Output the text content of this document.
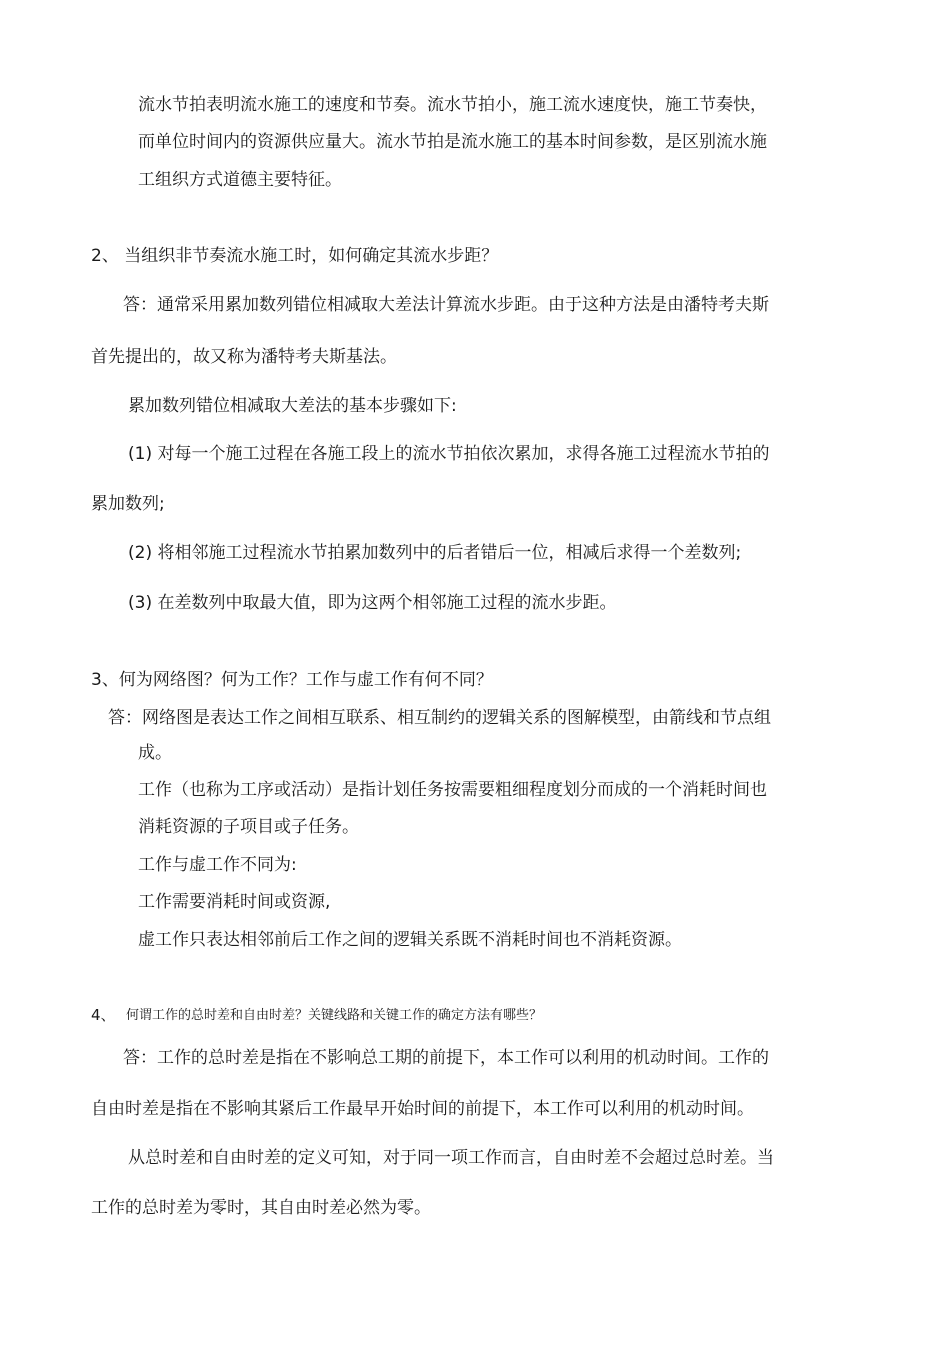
流水节拍表明流水施工的速度和节奏。流水节拍小，施工流水速度快，施工节奏快，
而单位时间内的资源供应量大。流水节拍是流水施工的基本时间参数，是区别流水施
工组织方式道德主要特征。
2、 当组织非节奏流水施工时，如何确定其流水步距？
答：通常采用累加数列错位相减取大差法计算流水步距。由于这种方法是由潘特考夫斯
首先提出的，故又称为潘特考夫斯基法。
累加数列错位相减取大差法的基本步骤如下:
(1) 对每一个施工过程在各施工段上的流水节拍依次累加，求得各施工过程流水节拍的
累加数列;
(2) 将相邻施工过程流水节拍累加数列中的后者错后一位，相减后求得一个差数列;
(3) 在差数列中取最大值，即为这两个相邻施工过程的流水步距。
3、何为网络图？何为工作？工作与虚工作有何不同？
答：网络图是表达工作之间相互联系、相互制约的逻辑关系的图解模型，由箭线和节点组
成。
工作（也称为工序或活动）是指计划任务按需要粗细程度划分而成的一个消耗时间也
消耗资源的子项目或子任务。
工作与虚工作不同为:
工作需要消耗时间或资源,
虚工作只表达相邻前后工作之间的逻辑关系既不消耗时间也不消耗资源。
4、 何谓工作的总时差和自由时差？关键线路和关键工作的确定方法有哪些？
答：工作的总时差是指在不影响总工期的前提下，本工作可以利用的机动时间。工作的
自由时差是指在不影响其紧后工作最早开始时间的前提下，本工作可以利用的机动时间。
从总时差和自由时差的定义可知，对于同一项工作而言，自由时差不会超过总时差。当
工作的总时差为零时，其自由时差必然为零。
